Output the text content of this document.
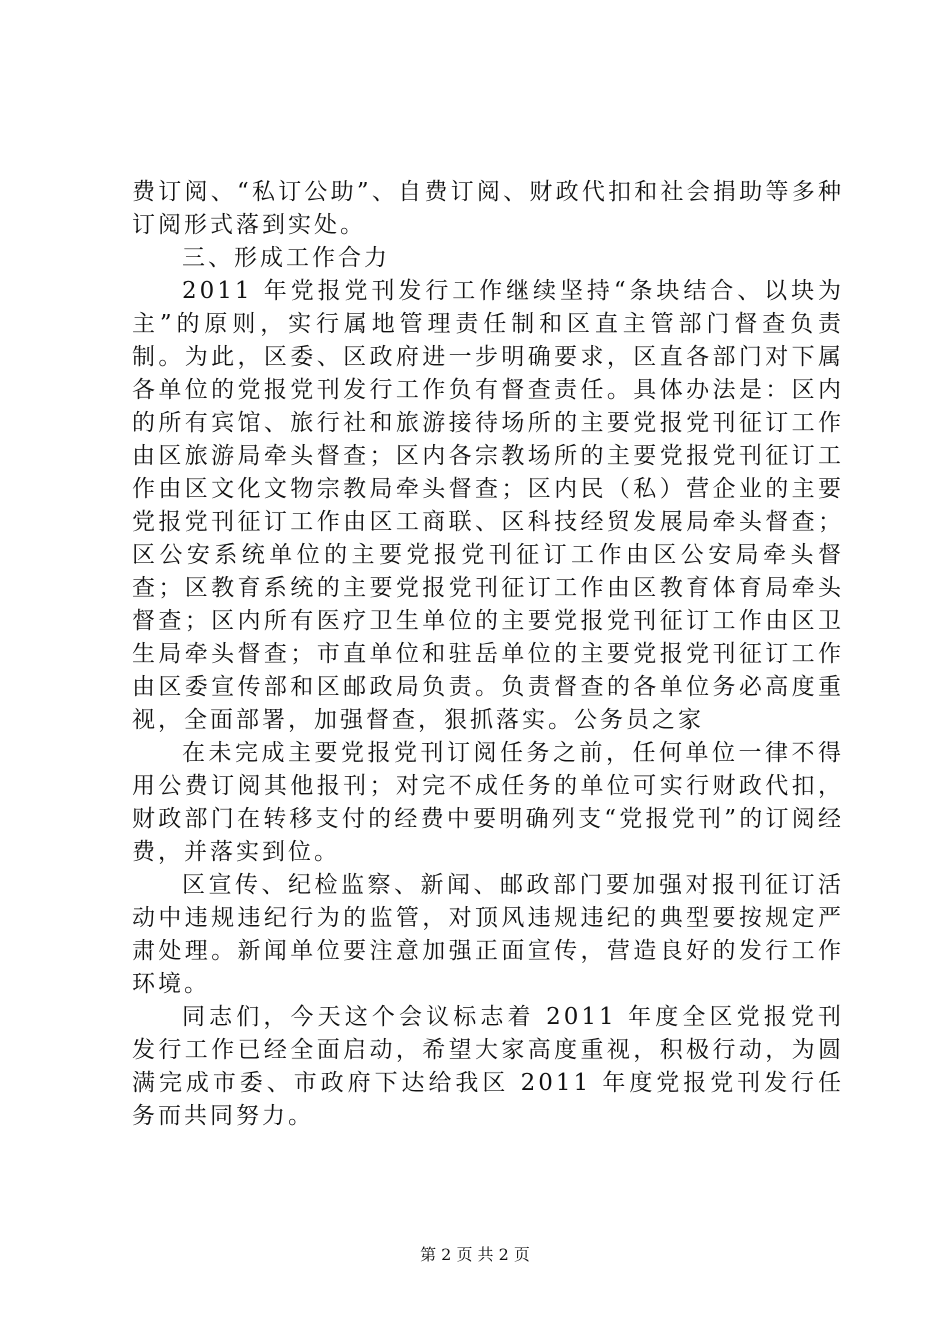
费订阅、“私订公助”、自费订阅、财政代扣和社会捐助等多种订阅形式落到实处。

三、形成工作合力

2011 年党报党刊发行工作继续坚持“条块结合、以块为主”的原则，实行属地管理责任制和区直主管部门督查负责制。为此，区委、区政府进一步明确要求，区直各部门对下属各单位的党报党刊发行工作负有督查责任。具体办法是：区内的所有宾馆、旅行社和旅游接待场所的主要党报党刊征订工作由区旅游局牵头督查；区内各宗教场所的主要党报党刊征订工作由区文化文物宗教局牵头督查；区内民（私）营企业的主要党报党刊征订工作由区工商联、区科技经贸发展局牵头督查；区公安系统单位的主要党报党刊征订工作由区公安局牵头督查；区教育系统的主要党报党刊征订工作由区教育体育局牵头督查；区内所有医疗卫生单位的主要党报党刊征订工作由区卫生局牵头督查；市直单位和驻岳单位的主要党报党刊征订工作由区委宣传部和区邮政局负责。负责督查的各单位务必高度重视，全面部署，加强督查，狠抓落实。公务员之家

在未完成主要党报党刊订阅任务之前，任何单位一律不得用公费订阅其他报刊；对完不成任务的单位可实行财政代扣，财政部门在转移支付的经费中要明确列支“党报党刊”的订阅经费，并落实到位。

区宣传、纪检监察、新闻、邮政部门要加强对报刊征订活动中违规违纪行为的监管，对顶风违规违纪的典型要按规定严肃处理。新闻单位要注意加强正面宣传，营造良好的发行工作环境。

同志们，今天这个会议标志着 2011 年度全区党报党刊发行工作已经全面启动，希望大家高度重视，积极行动，为圆满完成市委、市政府下达给我区 2011 年度党报党刊发行任务而共同努力。

第 2 页 共 2 页
